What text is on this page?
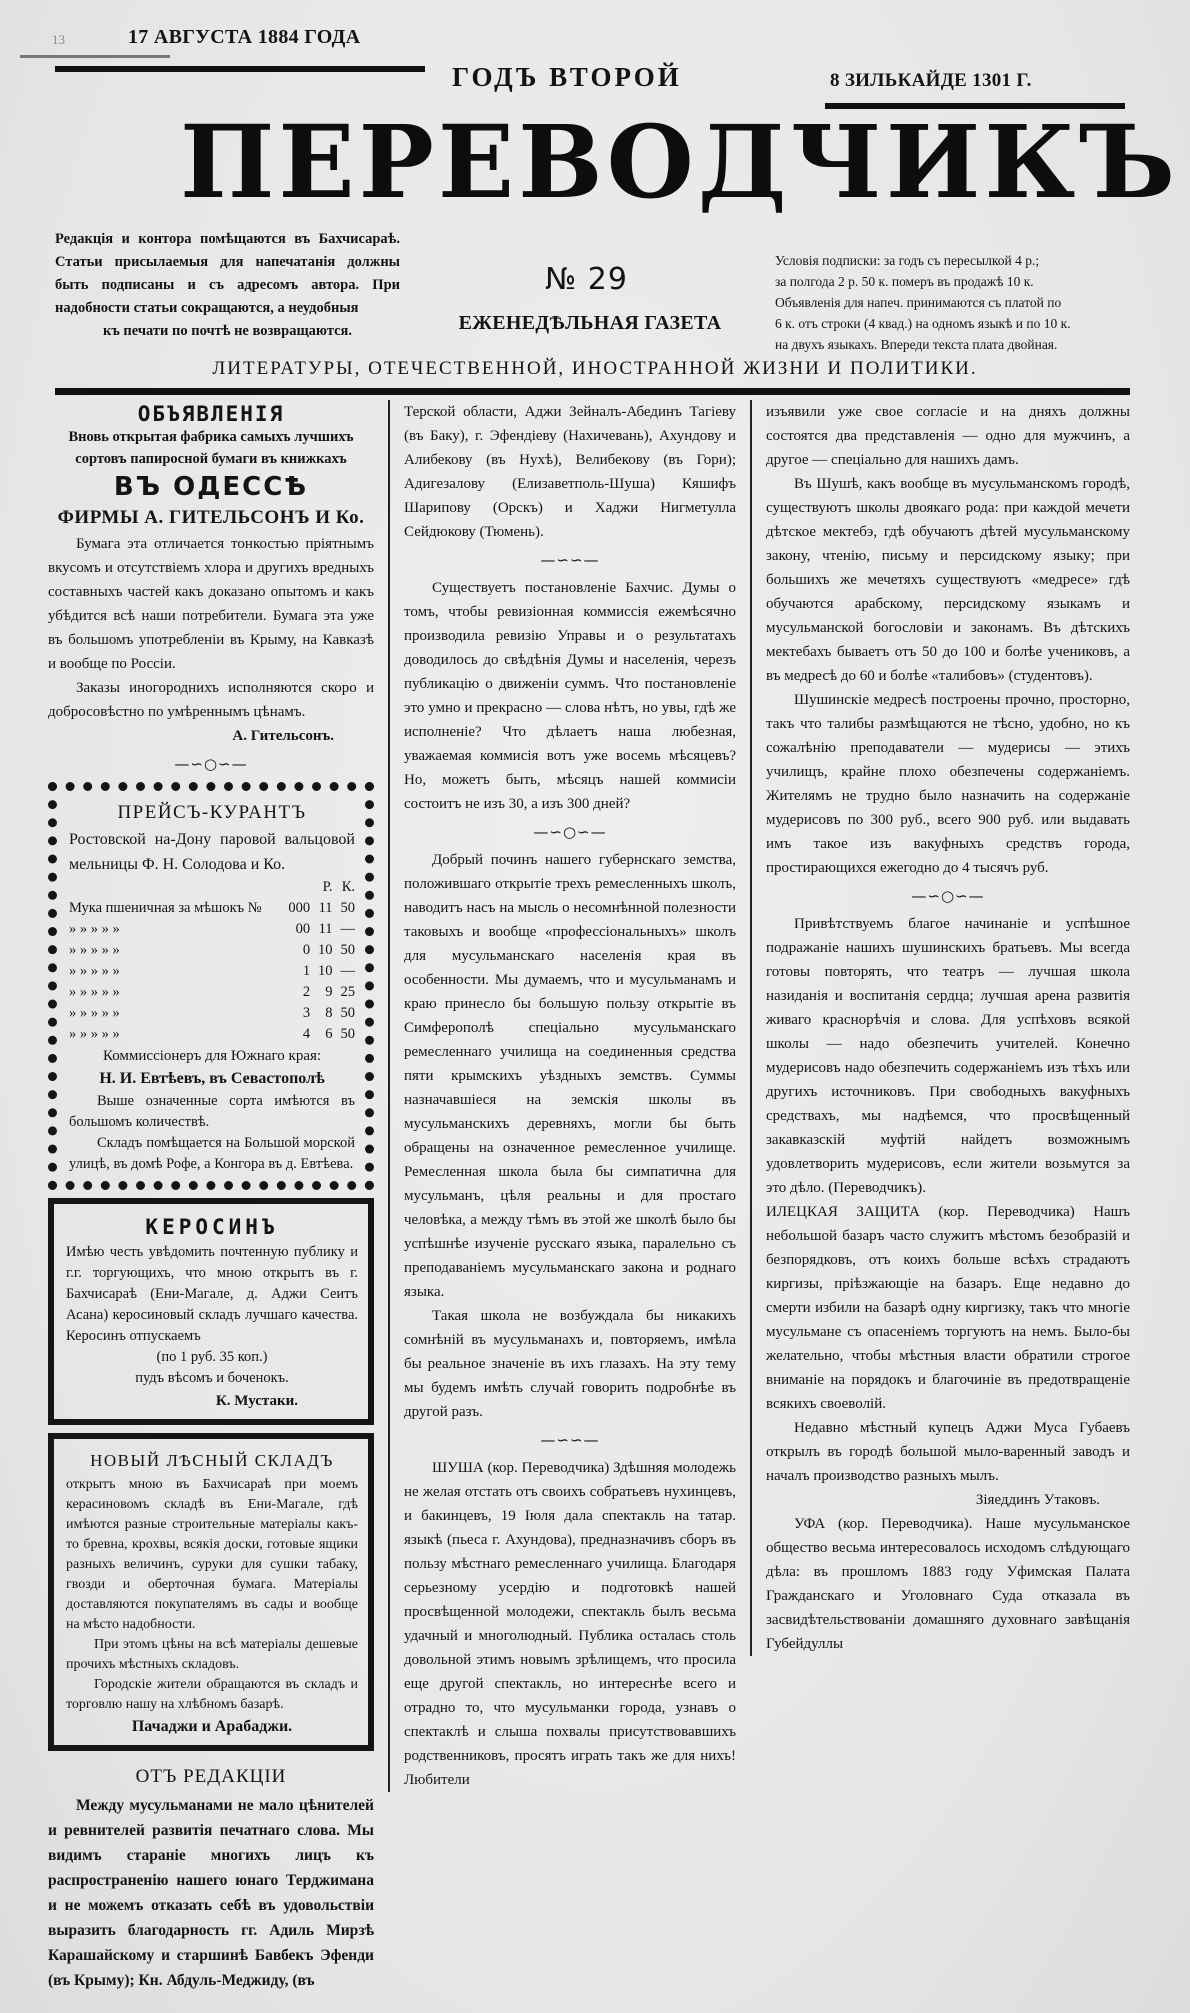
13	17 АВГУСТА 1884 ГОДА
ГОДЪ ВТОРОЙ	8 ЗИЛЬКАЙДЕ 1301 Г.
ПЕРЕВОДЧИКЪ
Редакція и контора помѣщаются въ Бахчисараѣ. Статьи присылаемыя для напечатанія должны быть подписаны и съ адресомъ автора. При надобности статьи сокращаются, а неудобныя
къ печати по почтѣ не возвращаются.
№ 29
ЕЖЕНЕДѢЛЬНАЯ ГАЗЕТА
Условія подписки: за годъ съ пересылкой 4 р.;
за полгода 2 р. 50 к. померъ въ продажѣ 10 к.
Объявленія для напеч. принимаются съ платой по
6 к. отъ строки (4 квад.) на одномъ языкѣ и по 10 к.
на двухъ языкахъ. Впереди текста плата двойная.
ЛИТЕРАТУРЫ, ОТЕЧЕСТВЕННОЙ, ИНОСТРАННОЙ ЖИЗНИ И ПОЛИТИКИ.
ОБЪЯВЛЕНІЯ
Вновь открытая фабрика самыхъ лучшихъ сортовъ папиросной бумаги въ книжкахъ
ВЪ ОДЕССѢ
ФИРМЫ А. ГИТЕЛЬСОНЪ И Ко.

Бумага эта отличается тонкостью пріятнымъ вкусомъ и отсутствіемъ хлора и другихъ вредныхъ составныхъ частей какъ доказано опытомъ и какъ убѣдится всѣ наши потребители. Бумага эта уже въ большомъ употребленіи въ Крыму, на Кавказѣ и вообще по Россіи.

Заказы иногороднихъ исполняются скоро и добросовѣстно по умѣреннымъ цѣнамъ.

А. Гительсонъ.
—∽○∽—
ПРЕЙСЪ-КУРАНТЪ

Ростовской на-Дону паровой вальцовой мельницы Ф. Н. Солодова и Ко.

		Р.	К.
Мука пшеничная за мѣшокъ №	000	11	50
» » » » »	00	11	—
» » » » »	0	10	50
» » » » »	1	10	—
» » » » »	2	9	25
» » » » »	3	8	50
» » » » »	4	6	50
Коммиссіонеръ для Южнаго края:
Н. И. Евтѣевъ, въ Севастополѣ

Выше означенные сорта имѣются въ большомъ количествѣ.

Складъ помѣщается на Большой морской улицѣ, въ домѣ Рофе, а Конгора въ д. Евтѣева.

КЕРОСИНЪ

Имѣю честь увѣдомить почтенную публику и г.г. торгующихъ, что мною открытъ въ г. Бахчисараѣ (Ени-Магале, д. Аджи Сеитъ Асана) керосиновый складъ лучшаго качества. Керосинъ отпускаемъ

(по 1 руб. 35 коп.)
пудъ вѣсомъ и боченокъ.
К. Мустаки.
НОВЫЙ ЛѢСНЫЙ СКЛАДЪ

открытъ мною въ Бахчисараѣ при моемъ керасиновомъ складѣ въ Ени-Магале, гдѣ имѣются разные строительные матеріалы какъ-то бревна, крохвы, всякія доски, готовые ящики разныхъ величинъ, суруки для сушки табаку, гвозди и оберточная бумага. Матеріалы доставляются покупателямъ въ сады и вообще на мѣсто надобности.

При этомъ цѣны на всѣ матеріалы дешевые прочихъ мѣстныхъ складовъ.

Городскіе жители обращаются въ складъ и торговлю нашу на хлѣбномъ базарѣ.

Пачаджи и Арабаджи.
ОТЪ РЕДАКЦІИ

Между мусульманами не мало цѣнителей и ревнителей развитія печатнаго слова. Мы видимъ стараніе многихъ лицъ къ распространенію нашего юнаго Терджимана и не можемъ отказать себѣ въ удовольствіи выразить благодарность гг. Адиль Мирзѣ Карашайскому и старшинѣ Бавбекъ Эфенди (въ Крыму); Кн. Абдуль-Меджиду, (въ

Терской области, Аджи Зейналъ-Абединъ Тагіеву (въ Баку), г. Эфендіеву (Нахичевань), Ахундову и Алибекову (въ Нухѣ), Велибекову (въ Гори); Адигезалову (Елизаветполь-Шуша) Кяшифъ Шарипову (Орскъ) и Хаджи Нигметулла Сейдюкову (Тюмень).

—∽∽—

Существуетъ постановленіе Бахчис. Думы о томъ, чтобы ревизіонная коммиссія ежемѣсячно производила ревизію Управы и о результатахъ доводилось до свѣдѣнія Думы и населенія, черезъ публикацію о движеніи суммъ. Что постановленіе это умно и прекрасно — слова нѣтъ, но увы, гдѣ же исполненіе? Что дѣлаетъ наша любезная, уважаемая коммисія вотъ уже восемь мѣсяцевъ? Но, можетъ быть, мѣсяцъ нашей коммисіи состоитъ не изъ 30, а изъ 300 дней?

—∽○∽—

Добрый починъ нашего губернскаго земства, положившаго открытіе трехъ ремесленныхъ школъ, наводитъ насъ на мысль о несомнѣнной полезности таковыхъ и вообще «профессіональныхъ» школъ для мусульманскаго населенія края въ особенности. Мы думаемъ, что и мусульманамъ и краю принесло бы большую пользу открытіе въ Симферополѣ спеціально мусульманскаго ремесленнаго училища на соединенныя средства пяти крымскихъ уѣздныхъ земствъ. Суммы назначавшіеся на земскія школы въ мусульманскихъ деревняхъ, могли бы быть обращены на означенное ремесленное училище. Ремесленная школа была бы симпатична для мусульманъ, цѣля реальны и для простаго человѣка, а между тѣмъ въ этой же школѣ было бы успѣшнѣе изученіе русскаго языка, паралельно съ преподаваніемъ мусульманскаго закона и роднаго языка.

Такая школа не возбуждала бы никакихъ сомнѣній въ мусульманахъ и, повторяемъ, имѣла бы реальное значеніе въ ихъ глазахъ. На эту тему мы будемъ имѣть случай говорить подробнѣе въ другой разъ.

—∽∽—

ШУША (кор. Переводчика) Здѣшняя молодежь не желая отстать отъ своихъ собратьевъ нухинцевъ, и бакинцевъ, 19 Іюля дала спектакль на татар. языкѣ (пьеса г. Ахундова), предназначивъ сборъ въ пользу мѣстнаго ремесленнаго училища. Благодаря серьезному усердію и подготовкѣ нашей просвѣщенной молодежи, спектакль былъ весьма удачный и многолюдный. Публика осталась столь довольной этимъ новымъ зрѣлищемъ, что просила еще другой спектакль, но интереснѣе всего и отрадно то, что мусульманки города, узнавъ о спектаклѣ и слыша похвалы присутствовавшихъ родственниковъ, просятъ играть такъ же для нихъ! Любители

изъявили уже свое согласіе и на дняхъ должны состоятся два представленія — одно для мужчинъ, а другое — спеціально для нашихъ дамъ.

Въ Шушѣ, какъ вообще въ мусульманскомъ городѣ, существуютъ школы двоякаго рода: при каждой мечети дѣтское мектебэ, гдѣ обучаютъ дѣтей мусульманскому закону, чтенію, письму и персидскому языку; при большихъ же мечетяхъ существуютъ «медресе» гдѣ обучаются арабскому, персидскому языкамъ и мусульманской богословіи и законамъ. Въ дѣтскихъ мектебахъ бываетъ отъ 50 до 100 и болѣе учениковъ, а въ медресѣ до 60 и болѣе «талибовъ» (студентовъ).

Шушинскіе медресѣ построены прочно, просторно, такъ что талибы размѣщаются не тѣсно, удобно, но къ сожалѣнію преподаватели — мудерисы — этихъ училищъ, крайне плохо обезпечены содержаніемъ. Жителямъ не трудно было назначить на содержаніе мудерисовъ по 300 руб., всего 900 руб. или выдавать имъ такое изъ вакуфныхъ средствъ города, простирающихся ежегодно до 4 тысячъ руб.

—∽○∽—

Привѣтствуемъ благое начинаніе и успѣшное подражаніе нашихъ шушинскихъ братьевъ. Мы всегда готовы повторять, что театръ — лучшая школа назиданія и воспитанія сердца; лучшая арена развитія живаго краснорѣчія и слова. Для успѣховъ всякой школы — надо обезпечить учителей. Конечно мудерисовъ надо обезпечить содержаніемъ изъ тѣхъ или другихъ источниковъ. При свободныхъ вакуфныхъ средствахъ, мы надѣемся, что просвѣщенный закавказскій муфтій найдетъ возможнымъ удовлетворить мудерисовъ, если жители возьмутся за это дѣло. (Переводчикъ).

ИЛЕЦКАЯ ЗАЩИТА (кор. Переводчика) Нашъ небольшой базаръ часто служитъ мѣстомъ безобразій и безпорядковъ, отъ коихъ больше всѣхъ страдаютъ киргизы, пріѣзжающіе на базаръ. Еще недавно до смерти избили на базарѣ одну киргизку, такъ что многіе мусульмане съ опасеніемъ торгуютъ на немъ. Было-бы желательно, чтобы мѣстныя власти обратили строгое вниманіе на порядокъ и благочиніе въ предотвращеніе всякихъ своеволій.

Недавно мѣстный купецъ Аджи Муса Губаевъ открылъ въ городѣ большой мыло-варенный заводъ и началъ производство разныхъ мылъ.

Зіяеддинъ Утаковъ.

УФА (кор. Переводчика). Наше мусульманское общество весьма интересовалось исходомъ слѣдующаго дѣла: въ прошломъ 1883 году Уфимская Палата Гражданскаго и Уголовнаго Суда отказала въ засвидѣтельствованіи домашняго духовнаго завѣщанія Губейдуллы
